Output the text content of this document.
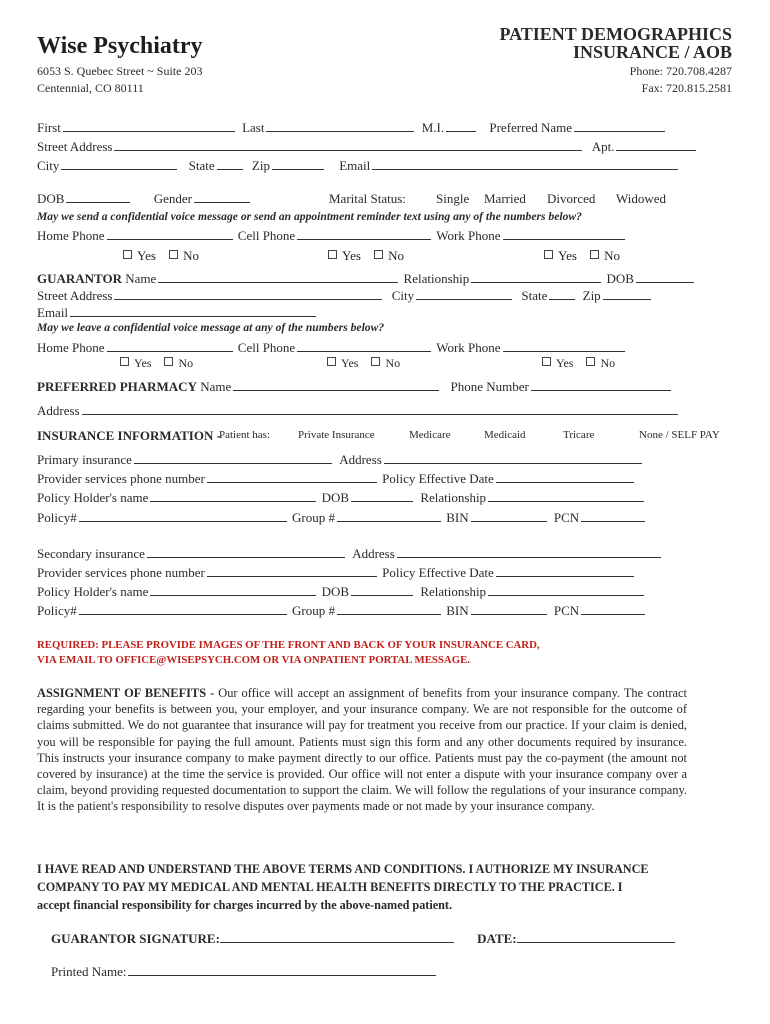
Wise Psychiatry
6053 S. Quebec Street ~ Suite 203
Centennial, CO 80111
PATIENT DEMOGRAPHICS
INSURANCE / AOB
Phone: 720.708.4287
Fax: 720.815.2581
First	Last	M.I.	Preferred Name
Street Address	Apt.
City	State	Zip	Email
DOB	Gender	Marital Status: Single Married Divorced Widowed
May we send a confidential voice message or send an appointment reminder text using any of the numbers below?
Home Phone	Cell Phone	Work Phone
Yes No	Yes No	Yes No
GUARANTOR Name	Relationship	DOB
Street Address	City	State	Zip
Email
May we leave a confidential voice message at any of the numbers below?
Home Phone	Cell Phone	Work Phone
Yes No	Yes No	Yes No
PREFERRED PHARMACY Name	Phone Number
Address
INSURANCE INFORMATION -
Patient has:	Private Insurance	Medicare	Medicaid	Tricare	None / SELF PAY
Primary insurance	Address
Provider services phone number	Policy Effective Date
Policy Holder's name	DOB	Relationship
Policy#	Group #	BIN	PCN
Secondary insurance	Address
Provider services phone number	Policy Effective Date
Policy Holder's name	DOB	Relationship
Policy#	Group #	BIN	PCN
REQUIRED: PLEASE PROVIDE IMAGES OF THE FRONT AND BACK OF YOUR INSURANCE CARD,
VIA EMAIL TO OFFICE@WISEPSYCH.COM OR VIA ONPATIENT PORTAL MESSAGE.
ASSIGNMENT OF BENEFITS - Our office will accept an assignment of benefits from your insurance company. The contract regarding your benefits is between you, your employer, and your insurance company. We are not responsible for the outcome of claims submitted. We do not guarantee that insurance will pay for treatment you receive from our practice. If your claim is denied, you will be responsible for paying the full amount. Patients must sign this form and any other documents required by insurance. This instructs your insurance company to make payment directly to our office. Patients must pay the co-payment (the amount not covered by insurance) at the time the service is provided. Our office will not enter a dispute with your insurance company over a claim, beyond providing requested documentation to support the claim. We will follow the regulations of your insurance company. It is the patient's responsibility to resolve disputes over payments made or not made by your insurance company.
I HAVE READ AND UNDERSTAND THE ABOVE TERMS AND CONDITIONS. I AUTHORIZE MY INSURANCE
COMPANY TO PAY MY MEDICAL AND MENTAL HEALTH BENEFITS DIRECTLY TO THE PRACTICE. I
accept financial responsibility for charges incurred by the above-named patient.
GUARANTOR SIGNATURE:	DATE:
Printed Name:
